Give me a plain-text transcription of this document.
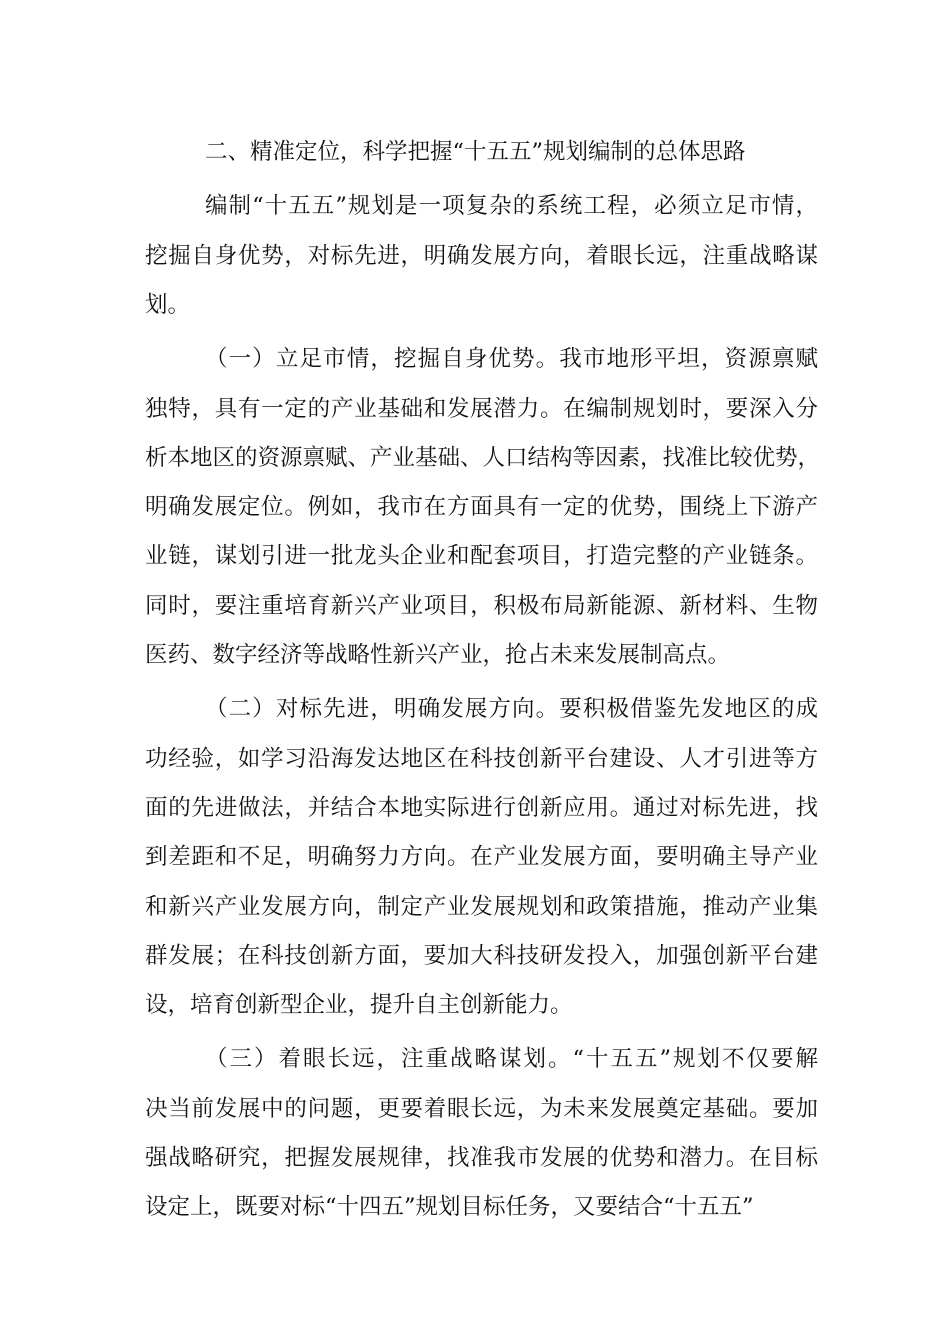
二、精准定位，科学把握“十五五”规划编制的总体思路
编制“十五五”规划是一项复杂的系统工程，必须立足市情，
挖掘自身优势，对标先进，明确发展方向，着眼长远，注重战略谋
划。
（一）立足市情，挖掘自身优势。我市地形平坦，资源禀赋
独特，具有一定的产业基础和发展潜力。在编制规划时，要深入分
析本地区的资源禀赋、产业基础、人口结构等因素，找准比较优势，
明确发展定位。例如，我市在方面具有一定的优势，围绕上下游产
业链，谋划引进一批龙头企业和配套项目，打造完整的产业链条。
同时，要注重培育新兴产业项目，积极布局新能源、新材料、生物
医药、数字经济等战略性新兴产业，抢占未来发展制高点。
（二）对标先进，明确发展方向。要积极借鉴先发地区的成
功经验，如学习沿海发达地区在科技创新平台建设、人才引进等方
面的先进做法，并结合本地实际进行创新应用。通过对标先进，找
到差距和不足，明确努力方向。在产业发展方面，要明确主导产业
和新兴产业发展方向，制定产业发展规划和政策措施，推动产业集
群发展；在科技创新方面，要加大科技研发投入，加强创新平台建
设，培育创新型企业，提升自主创新能力。
（三）着眼长远，注重战略谋划。“十五五”规划不仅要解
决当前发展中的问题，更要着眼长远，为未来发展奠定基础。要加
强战略研究，把握发展规律，找准我市发展的优势和潜力。在目标
设定上，既要对标“十四五”规划目标任务，又要结合“十五五”
